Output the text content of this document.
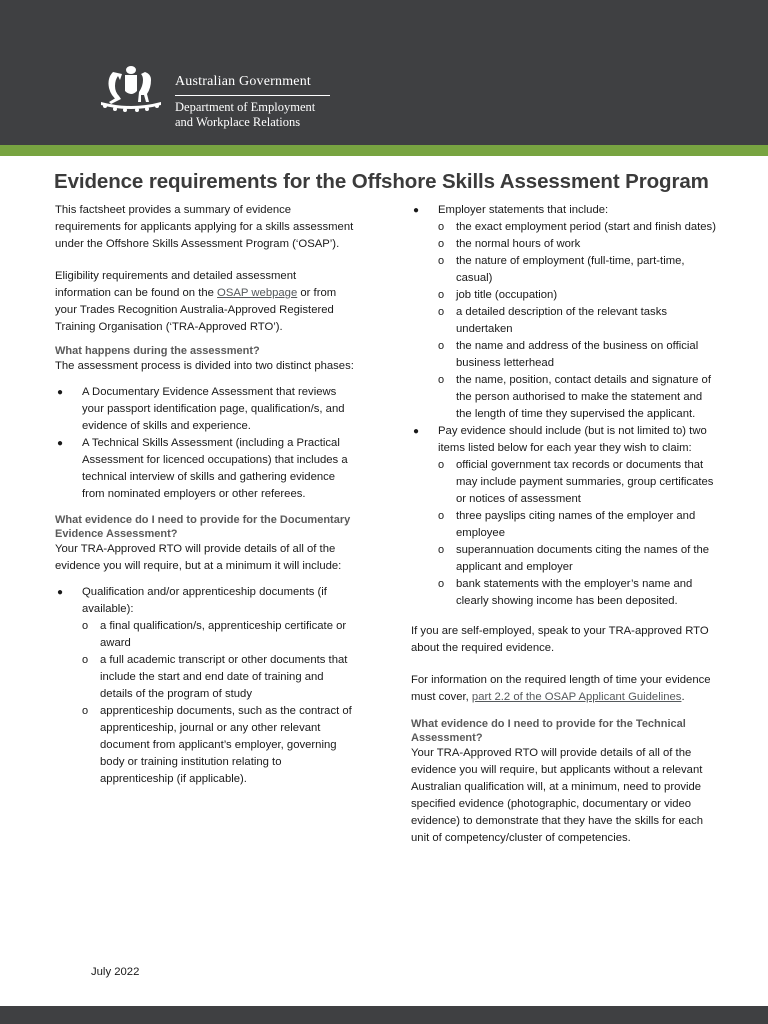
Australian Government
Department of Employment
and Workplace Relations
Evidence requirements for the Offshore Skills Assessment Program

This factsheet provides a summary of evidence requirements for applicants applying for a skills assessment under the Offshore Skills Assessment Program (‘OSAP’).

Eligibility requirements and detailed assessment information can be found on the OSAP webpage or from your Trades Recognition Australia-Approved Registered Training Organisation (‘TRA-Approved RTO’).

What happens during the assessment?

The assessment process is divided into two distinct phases:

● A Documentary Evidence Assessment that reviews your passport identification page, qualification/s, and evidence of skills and experience.
● A Technical Skills Assessment (including a Practical Assessment for licenced occupations) that includes a technical interview of skills and gathering evidence from nominated employers or other referees.
What evidence do I need to provide for the Documentary Evidence Assessment?

Your TRA-Approved RTO will provide details of all of the evidence you will require, but at a minimum it will include:

● Qualification and/or apprenticeship documents (if available):
o a final qualification/s, apprenticeship certificate or award
o a full academic transcript or other documents that include the start and end date of training and details of the program of study
o apprenticeship documents, such as the contract of apprenticeship, journal or any other relevant document from applicant’s employer, governing body or training institution relating to apprenticeship (if applicable).
● Employer statements that include:
o the exact employment period (start and finish dates)
o the normal hours of work
o the nature of employment (full-time, part-time, casual)
o job title (occupation)
o a detailed description of the relevant tasks undertaken
o the name and address of the business on official business letterhead
o the name, position, contact details and signature of the person authorised to make the statement and the length of time they supervised the applicant.
● Pay evidence should include (but is not limited to) two items listed below for each year they wish to claim:
o official government tax records or documents that may include payment summaries, group certificates or notices of assessment
o three payslips citing names of the employer and employee
o superannuation documents citing the names of the applicant and employer
o bank statements with the employer’s name and clearly showing income has been deposited.

If you are self-employed, speak to your TRA-approved RTO about the required evidence.

For information on the required length of time your evidence must cover, part 2.2 of the OSAP Applicant Guidelines.

What evidence do I need to provide for the Technical Assessment?

Your TRA-Approved RTO will provide details of all of the evidence you will require, but applicants without a relevant Australian qualification will, at a minimum, need to provide specified evidence (photographic, documentary or video evidence) to demonstrate that they have the skills for each unit of competency/cluster of competencies.

July 2022
